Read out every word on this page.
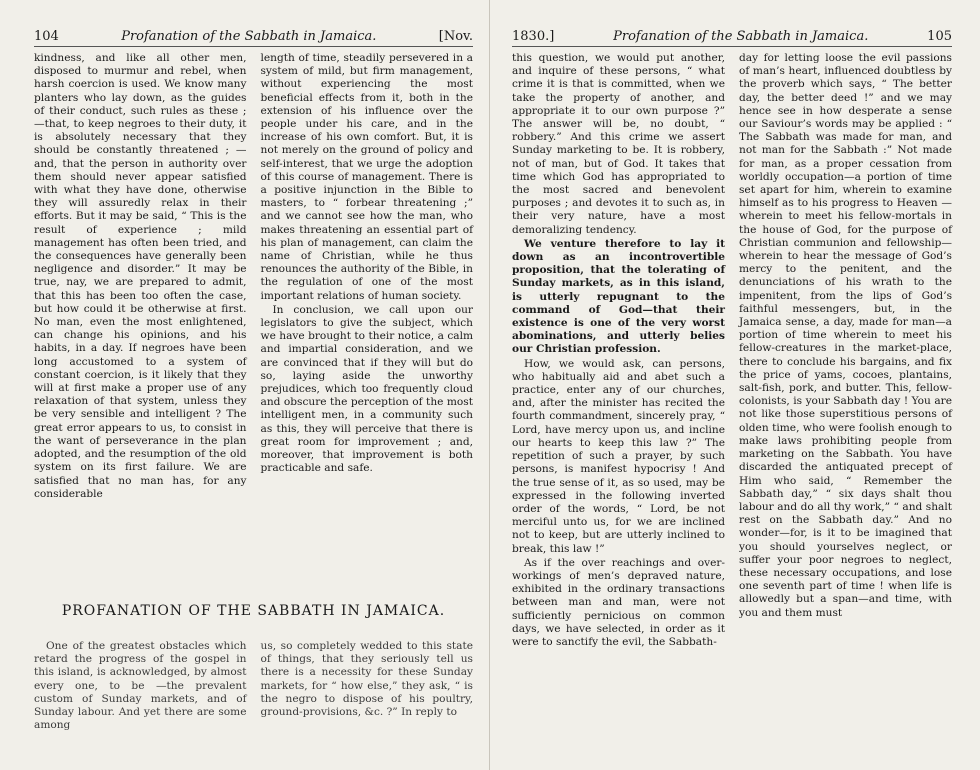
104	Profanation of the Sabbath in Jamaica.	[Nov.

kindness, and like all other men, disposed to murmur and rebel, when harsh coercion is used. We know many planters who lay down, as the guides of their conduct, such rules as these ;—that, to keep negroes to their duty, it is absolutely necessary that they should be constantly threatened ; —and, that the person in authority over them should never appear satisfied with what they have done, otherwise they will assuredly relax in their efforts. But it may be said, “ This is the result of experience ; mild management has often been tried, and the consequences have generally been negligence and disorder.” It may be true, nay, we are prepared to admit, that this has been too often the case, but how could it be otherwise at first. No man, even the most enlightened, can change his opinions, and his habits, in a day. If negroes have been long accustomed to a system of constant coercion, is it likely that they will at first make a proper use of any relaxation of that system, unless they be very sensible and intelligent ? The great error appears to us, to consist in the want of perseverance in the plan adopted, and the resumption of the old system on its first failure. We are satisfied that no man has, for any considerable

length of time, steadily persevered in a system of mild, but firm management, without experiencing the most beneficial effects from it, both in the extension of his influence over the people under his care, and in the increase of his own comfort. But, it is not merely on the ground of policy and self-interest, that we urge the adoption of this course of management. There is a positive injunction in the Bible to masters, to “ forbear threatening ;” and we cannot see how the man, who makes threatening an essential part of his plan of management, can claim the name of Christian, while he thus renounces the authority of the Bible, in the regulation of one of the most important relations of human society.

In conclusion, we call upon our legislators to give the subject, which we have brought to their notice, a calm and impartial consideration, and we are convinced that if they will but do so, laying aside the unworthy prejudices, which too frequently cloud and obscure the perception of the most intelligent men, in a community such as this, they will perceive that there is great room for improvement ; and, moreover, that improvement is both practicable and safe.

PROFANATION OF THE SABBATH IN JAMAICA.

One of the greatest obstacles which retard the progress of the gospel in this island, is acknowledged, by almost every one, to be —the prevalent custom of Sunday markets, and of Sunday labour. And yet there are some among

us, so completely wedded to this state of things, that they seriously tell us there is a necessity for these Sunday markets, for “ how else,” they ask, “ is the negro to dispose of his poultry, ground-provisions, &c. ?” In reply to

1830.]	Profanation of the Sabbath in Jamaica.	105

this question, we would put another, and inquire of these persons, “ what crime it is that is committed, when we take the property of another, and appropriate it to our own purpose ?” The answer will be, no doubt, “ robbery.” And this crime we assert Sunday marketing to be. It is robbery, not of man, but of God. It takes that time which God has appropriated to the most sacred and benevolent purposes ; and devotes it to such as, in their very nature, have a most demoralizing tendency.

We venture therefore to lay it down as an incontrovertible proposition, that the tolerating of Sunday markets, as in this island, is utterly repugnant to the command of God—that their existence is one of the very worst abominations, and utterly belies our Christian profession.

How, we would ask, can persons, who habitually aid and abet such a practice, enter any of our churches, and, after the minister has recited the fourth commandment, sincerely pray, “ Lord, have mercy upon us, and incline our hearts to keep this law ?” The repetition of such a prayer, by such persons, is manifest hypocrisy ! And the true sense of it, as so used, may be expressed in the following inverted order of the words, “ Lord, be not merciful unto us, for we are inclined not to keep, but are utterly inclined to break, this law !”

As if the over reachings and over-workings of men’s depraved nature, exhibited in the ordinary transactions between man and man, were not sufficiently pernicious on common days, we have selected, in order as it were to sanctify the evil, the Sabbath-

day for letting loose the evil passions of man’s heart, influenced doubtless by the proverb which says, “ The better day, the better deed !” and we may hence see in how desperate a sense our Saviour’s words may be applied : “ The Sabbath was made for man, and not man for the Sabbath :” Not made for man, as a proper cessation from worldly occupation—a portion of time set apart for him, wherein to examine himself as to his progress to Heaven — wherein to meet his fellow-mortals in the house of God, for the purpose of Christian communion and fellowship—wherein to hear the message of God’s mercy to the penitent, and the denunciations of his wrath to the impenitent, from the lips of God’s faithful messengers, but, in the Jamaica sense, a day, made for man—a portion of time wherein to meet his fellow-creatures in the market-place, there to conclude his bargains, and fix the price of yams, cocoes, plantains, salt-fish, pork, and butter. This, fellow-colonists, is your Sabbath day ! You are not like those superstitious persons of olden time, who were foolish enough to make laws prohibiting people from marketing on the Sabbath. You have discarded the antiquated precept of Him who said, “ Remember the Sabbath day,” “ six days shalt thou labour and do all thy work,” “ and shalt rest on the Sabbath day.” And no wonder—for, is it to be imagined that you should yourselves neglect, or suffer your poor negroes to neglect, these necessary occupations, and lose one seventh part of time ! when life is allowedly but a span—and time, with you and them must
